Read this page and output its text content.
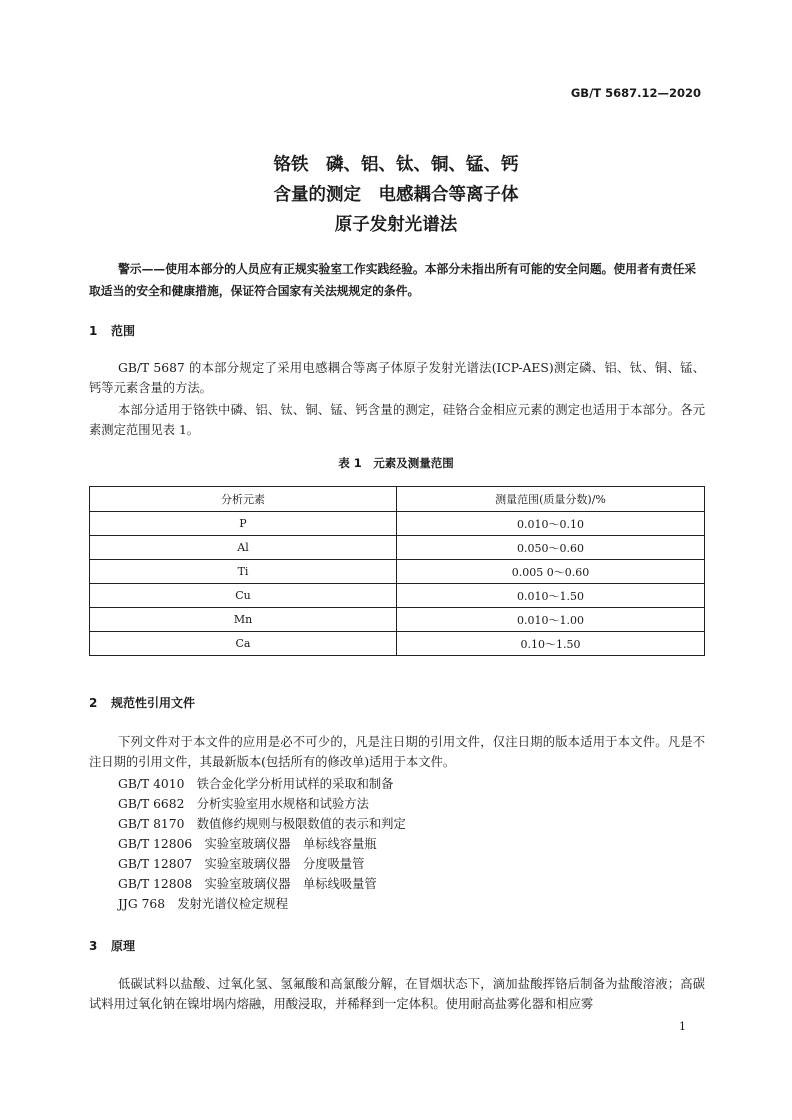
GB/T 5687.12—2020
铬铁　磷、铝、钛、铜、锰、钙
含量的测定　电感耦合等离子体
原子发射光谱法
警示——使用本部分的人员应有正规实验室工作实践经验。本部分未指出所有可能的安全问题。使用者有责任采取适当的安全和健康措施，保证符合国家有关法规规定的条件。
1 范围
GB/T 5687 的本部分规定了采用电感耦合等离子体原子发射光谱法(ICP-AES)测定磷、铝、钛、铜、锰、钙等元素含量的方法。
本部分适用于铬铁中磷、铝、钛、铜、锰、钙含量的测定，硅铬合金相应元素的测定也适用于本部分。各元素测定范围见表 1。
表 1　元素及测量范围
分析元素	测量范围(质量分数)/%
P	0.010～0.10
Al	0.050～0.60
Ti	0.005 0～0.60
Cu	0.010～1.50
Mn	0.010～1.00
Ca	0.10～1.50
2 规范性引用文件
下列文件对于本文件的应用是必不可少的，凡是注日期的引用文件，仅注日期的版本适用于本文件。凡是不注日期的引用文件，其最新版本(包括所有的修改单)适用于本文件。
GB/T 4010　铁合金化学分析用试样的采取和制备
GB/T 6682　分析实验室用水规格和试验方法
GB/T 8170　数值修约规则与极限数值的表示和判定
GB/T 12806　实验室玻璃仪器　单标线容量瓶
GB/T 12807　实验室玻璃仪器　分度吸量管
GB/T 12808　实验室玻璃仪器　单标线吸量管
JJG 768　发射光谱仪检定规程
3 原理
低碳试料以盐酸、过氧化氢、氢氟酸和高氯酸分解，在冒烟状态下，滴加盐酸挥铬后制备为盐酸溶液；高碳试料用过氧化钠在镍坩埚内熔融，用酸浸取，并稀释到一定体积。使用耐高盐雾化器和相应雾
1
